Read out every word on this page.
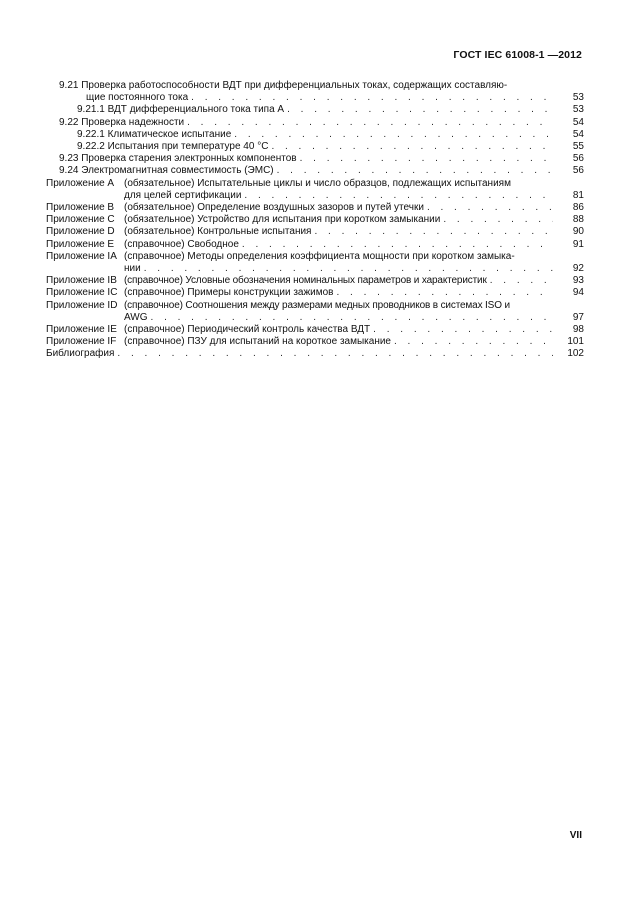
ГОСТ IEC 61008-1 —2012
9.21 Проверка работоспособности ВДТ при дифференциальных токах, содержащих составляю-
щие постоянного тока . . .	53
9.21.1 ВДТ дифференциального тока типа А . . .	53
9.22 Проверка надежности . . .	54
9.22.1 Климатическое испытание . . .	54
9.22.2 Испытания при температуре 40 °С . . .	55
9.23 Проверка старения электронных компонентов . . .	56
9.24 Электромагнитная совместимость (ЭМС) . . .	56
Приложение А (обязательное) Испытательные циклы и число образцов, подлежащих испытаниям
для целей сертификации . . .	81
Приложение В (обязательное) Определение воздушных зазоров и путей утечки . . .	86
Приложение С (обязательное) Устройство для испытания при коротком замыкании . . .	88
Приложение D (обязательное) Контрольные испытания . . .	90
Приложение Е (справочное) Свободное . . .	91
Приложение IA (справочное) Методы определения коэффициента мощности при коротком замыка-
нии . . .	92
Приложение IB (справочное) Условные обозначения номинальных параметров и характеристик . . .	93
Приложение IC (справочное) Примеры конструкции зажимов . . .	94
Приложение ID (справочное) Соотношения между размерами медных проводников в системах ISO и
AWG . . .	97
Приложение IE (справочное) Периодический контроль качества ВДТ . . .	98
Приложение IF (справочное) ПЗУ для испытаний на короткое замыкание . . .	101
Библиография . . .	102
VII
